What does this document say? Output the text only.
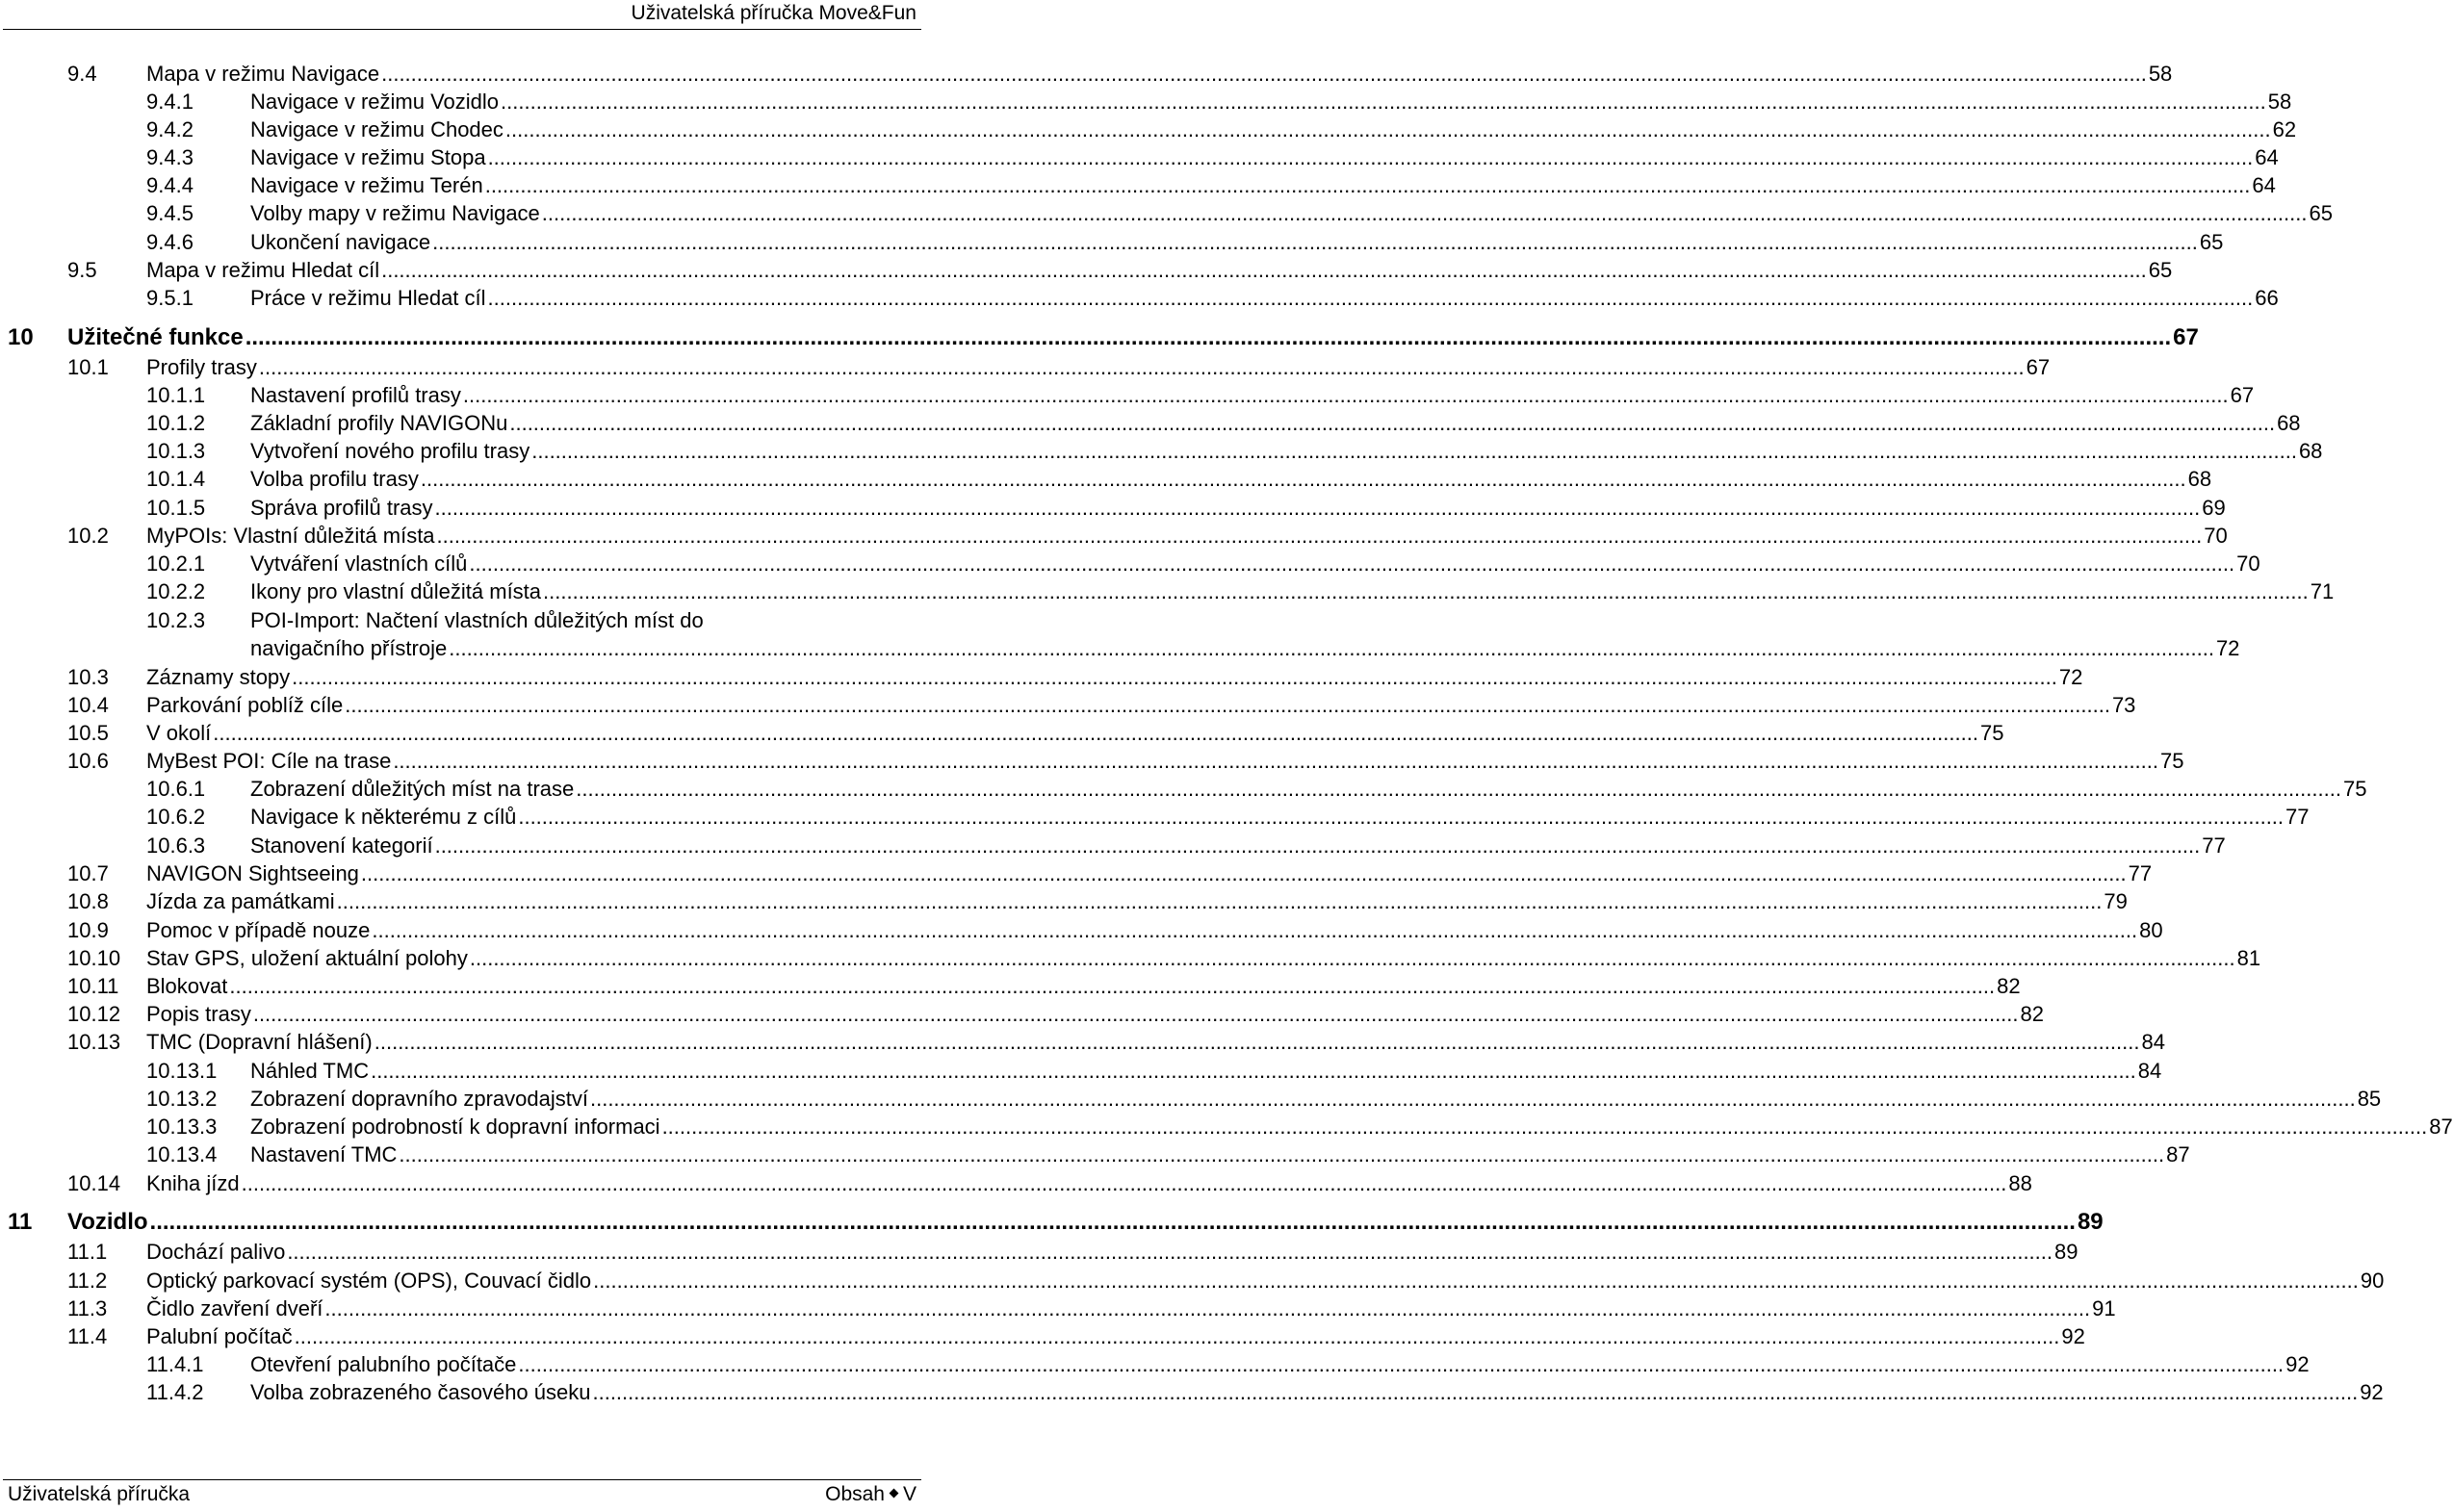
Uživatelská příručka Move&Fun
9.4 Mapa v režimu Navigace ............................................................................................................................................................................................................................................................................................................ 58
9.4.1	Navigace v režimu Vozidlo ............................................................................................................................................................................................................................................................................................................ 58
9.4.2	Navigace v režimu Chodec ............................................................................................................................................................................................................................................................................................................ 62
9.4.3	Navigace v režimu Stopa ............................................................................................................................................................................................................................................................................................................ 64
9.4.4	Navigace v režimu Terén ............................................................................................................................................................................................................................................................................................................ 64
9.4.5	Volby mapy v režimu Navigace ............................................................................................................................................................................................................................................................................................................ 65
9.4.6	Ukončení navigace ............................................................................................................................................................................................................................................................................................................ 65
9.5 Mapa v režimu Hledat cíl ............................................................................................................................................................................................................................................................................................................ 65
9.5.1	Práce v režimu Hledat cíl ............................................................................................................................................................................................................................................................................................................ 66
10 Užitečné funkce ............................................................................................................................................................................................................................................................................................................ 67
10.1 Profily trasy ............................................................................................................................................................................................................................................................................................................ 67
10.1.1 Nastavení profilů trasy ............................................................................................................................................................................................................................................................................................................ 67
10.1.2 Základní profily NAVIGONu ............................................................................................................................................................................................................................................................................................................ 68
10.1.3 Vytvoření nového profilu trasy ............................................................................................................................................................................................................................................................................................................ 68
10.1.4 Volba profilu trasy ............................................................................................................................................................................................................................................................................................................ 68
10.1.5 Správa profilů trasy ............................................................................................................................................................................................................................................................................................................ 69
10.2 MyPOIs: Vlastní důležitá místa ............................................................................................................................................................................................................................................................................................................ 70
10.2.1 Vytváření vlastních cílů ............................................................................................................................................................................................................................................................................................................ 70
10.2.2 Ikony pro vlastní důležitá místa ............................................................................................................................................................................................................................................................................................................ 71
10.2.3 POI-Import: Načtení vlastních důležitých míst do
navigačního přístroje ............................................................................................................................................................................................................................................................................................................ 72
10.3 Záznamy stopy ............................................................................................................................................................................................................................................................................................................ 72
10.4 Parkování poblíž cíle ............................................................................................................................................................................................................................................................................................................ 73
10.5 V okolí ............................................................................................................................................................................................................................................................................................................ 75
10.6 MyBest POI: Cíle na trase ............................................................................................................................................................................................................................................................................................................ 75
10.6.1 Zobrazení důležitých míst na trase ............................................................................................................................................................................................................................................................................................................ 75
10.6.2 Navigace k některému z cílů ............................................................................................................................................................................................................................................................................................................ 77
10.6.3 Stanovení kategorií ............................................................................................................................................................................................................................................................................................................ 77
10.7 NAVIGON Sightseeing ............................................................................................................................................................................................................................................................................................................ 77
10.8 Jízda za památkami ............................................................................................................................................................................................................................................................................................................ 79
10.9 Pomoc v případě nouze ............................................................................................................................................................................................................................................................................................................ 80
10.10 Stav GPS, uložení aktuální polohy ............................................................................................................................................................................................................................................................................................................ 81
10.11 Blokovat ............................................................................................................................................................................................................................................................................................................ 82
10.12 Popis trasy ............................................................................................................................................................................................................................................................................................................ 82
10.13 TMC (Dopravní hlášení) ............................................................................................................................................................................................................................................................................................................ 84
10.13.1 Náhled TMC ............................................................................................................................................................................................................................................................................................................ 84
10.13.2 Zobrazení dopravního zpravodajství ............................................................................................................................................................................................................................................................................................................ 85
10.13.3 Zobrazení podrobností k dopravní informaci ............................................................................................................................................................................................................................................................................................................ 87
10.13.4 Nastavení TMC ............................................................................................................................................................................................................................................................................................................ 87
10.14 Kniha jízd ............................................................................................................................................................................................................................................................................................................ 88
11 Vozidlo ............................................................................................................................................................................................................................................................................................................ 89
11.1 Dochází palivo ............................................................................................................................................................................................................................................................................................................ 89
11.2 Optický parkovací systém (OPS), Couvací čidlo ............................................................................................................................................................................................................................................................................................................ 90
11.3 Čidlo zavření dveří ............................................................................................................................................................................................................................................................................................................ 91
11.4 Palubní počítač ............................................................................................................................................................................................................................................................................................................ 92
11.4.1 Otevření palubního počítače ............................................................................................................................................................................................................................................................................................................ 92
11.4.2 Volba zobrazeného časového úseku ............................................................................................................................................................................................................................................................................................................ 92
Uživatelská příručka	Obsah V
